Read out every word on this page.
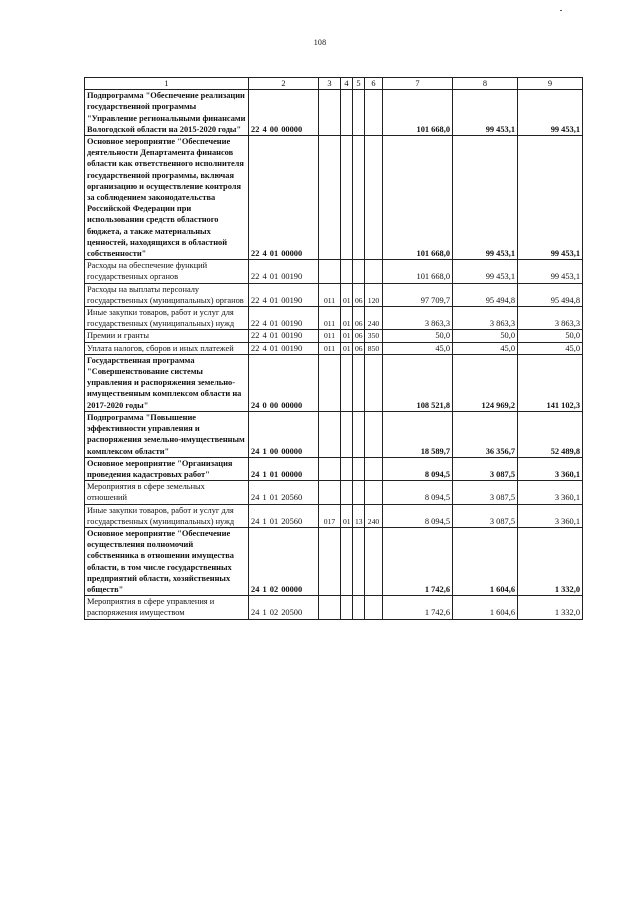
108
1	2	3	4	5	6	7	8	9
Подпрограмма "Обеспечение реализации государственной программы "Управление региональными финансами Вологодской области на 2015-2020 годы"	22 4 00 00000					101 668,0	99 453,1	99 453,1
Основное мероприятие "Обеспечение деятельности Департамента финансов области как ответственного исполнителя государственной программы, включая организацию и осуществление контроля за соблюдением законодательства Российской Федерации при использовании средств областного бюджета, а также материальных ценностей, находящихся в областной собственности"	22 4 01 00000					101 668,0	99 453,1	99 453,1
Расходы на обеспечение функций государственных органов	22 4 01 00190					101 668,0	99 453,1	99 453,1
Расходы на выплаты персоналу государственных (муниципальных) органов	22 4 01 00190	011	01	06	120	97 709,7	95 494,8	95 494,8
Иные закупки товаров, работ и услуг для государственных (муниципальных) нужд	22 4 01 00190	011	01	06	240	3 863,3	3 863,3	3 863,3
Премии и гранты	22 4 01 00190	011	01	06	350	50,0	50,0	50,0
Уплата налогов, сборов и иных платежей	22 4 01 00190	011	01	06	850	45,0	45,0	45,0
Государственная программа "Совершенствование системы управления и распоряжения земельно-имущественным комплексом области на 2017-2020 годы"	24 0 00 00000					108 521,8	124 969,2	141 102,3
Подпрограмма "Повышение эффективности управления и распоряжения земельно-имущественным комплексом области"	24 1 00 00000					18 589,7	36 356,7	52 489,8
Основное мероприятие "Организация проведения кадастровых работ"	24 1 01 00000					8 094,5	3 087,5	3 360,1
Мероприятия в сфере земельных отношений	24 1 01 20560					8 094,5	3 087,5	3 360,1
Иные закупки товаров, работ и услуг для государственных (муниципальных) нужд	24 1 01 20560	017	01	13	240	8 094,5	3 087,5	3 360,1
Основное мероприятие "Обеспечение осуществления полномочий собственника в отношении имущества области, в том числе государственных предприятий области, хозяйственных обществ"	24 1 02 00000					1 742,6	1 604,6	1 332,0
Мероприятия в сфере управления и распоряжения имуществом	24 1 02 20500					1 742,6	1 604,6	1 332,0
